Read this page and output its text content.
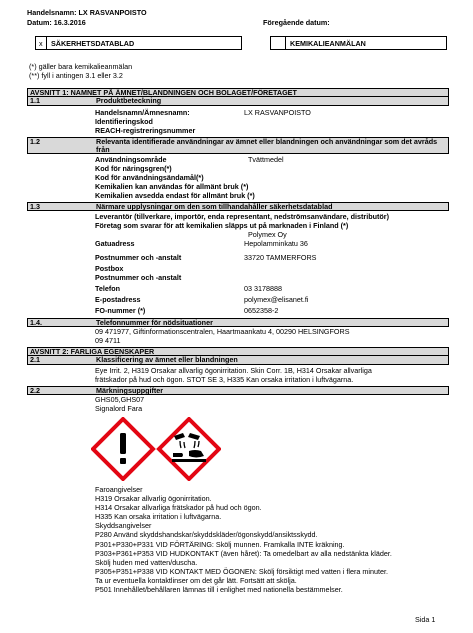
Handelsnamn: LX RASVANPOISTO
Datum: 16.3.2016	Föregående datum:
x SÄKERHETSDATABLAD	KEMIKALIEANMÄLAN
(*) gäller bara kemikalieanmälan
(**) fyll i antingen 3.1 eller 3.2
AVSNITT 1: NAMNET PÅ ÄMNET/BLANDNINGEN OCH BOLAGET/FÖRETAGET
1.1	Produktbeteckning
Handelsnamn/Ämnesnamn:	LX RASVANPOISTO
Identifieringskod
REACH-registreringsnummer
1.2	Relevanta identifierade användningar av ämnet eller blandningen och användningar som det avråds från
Användningsområde	Tvättmedel
Kod för näringsgren(*)
Kod för användningsändamål(*)
Kemikalien kan användas för allmänt bruk (*)
Kemikalien avsedda endast för allmänt bruk (*)
1.3	Närmare upplysningar om den som tillhandahåller säkerhetsdatablad
Leverantör (tillverkare, importör, enda representant, nedströmsanvändare, distributör)
Företag som svarar för att kemikalien släpps ut på marknaden i Finland (*)
Polymex Oy
Gatuadress	Hepolamminkatu 36
Postnummer och -anstalt	33720 TAMMERFORS
Postbox
Postnummer och -anstalt
Telefon	03 3178888
E-postadress	polymex@elisanet.fi
FO-nummer (*)	0652358-2
1.4.	Telefonnummer för nödsituationer
09 471977, Giftinformationscentralen, Haartmaankatu 4, 00290 HELSINGFORS
09 4711
AVSNITT 2: FARLIGA EGENSKAPER
2.1	Klassificering av ämnet eller blandningen
Eye Irrit. 2, H319 Orsakar allvarlig ögonirritation. Skin Corr. 1B, H314 Orsakar allvarliga
frätskador på hud och ögon. STOT SE 3, H335 Kan orsaka irritation i luftvägarna.
2.2	Märkningsuppgifter
GHS05,GHS07
Signalord Fara
Faroangivelser
H319 Orsakar allvarlig ögonirritation.
H314 Orsakar allvarliga frätskador på hud och ögon.
H335 Kan orsaka irritation i luftvägarna.
Skyddsangivelser
P280 Använd skyddshandskar/skyddskläder/ögonskydd/ansiktsskydd.
P301+P330+P331 VID FÖRTÄRING: Skölj munnen. Framkalla INTE kräkning.
P303+P361+P353 VID HUDKONTAKT (även håret): Ta omedelbart av alla nedstänkta kläder.
Skölj huden med vatten/duscha.
P305+P351+P338 VID KONTAKT MED ÖGONEN: Skölj försiktigt med vatten i flera minuter.
Ta ur eventuella kontaktlinser om det går lätt. Fortsätt att skölja.
P501 Innehållet/behållaren lämnas till i enlighet med nationella bestämmelser.
Sida 1
